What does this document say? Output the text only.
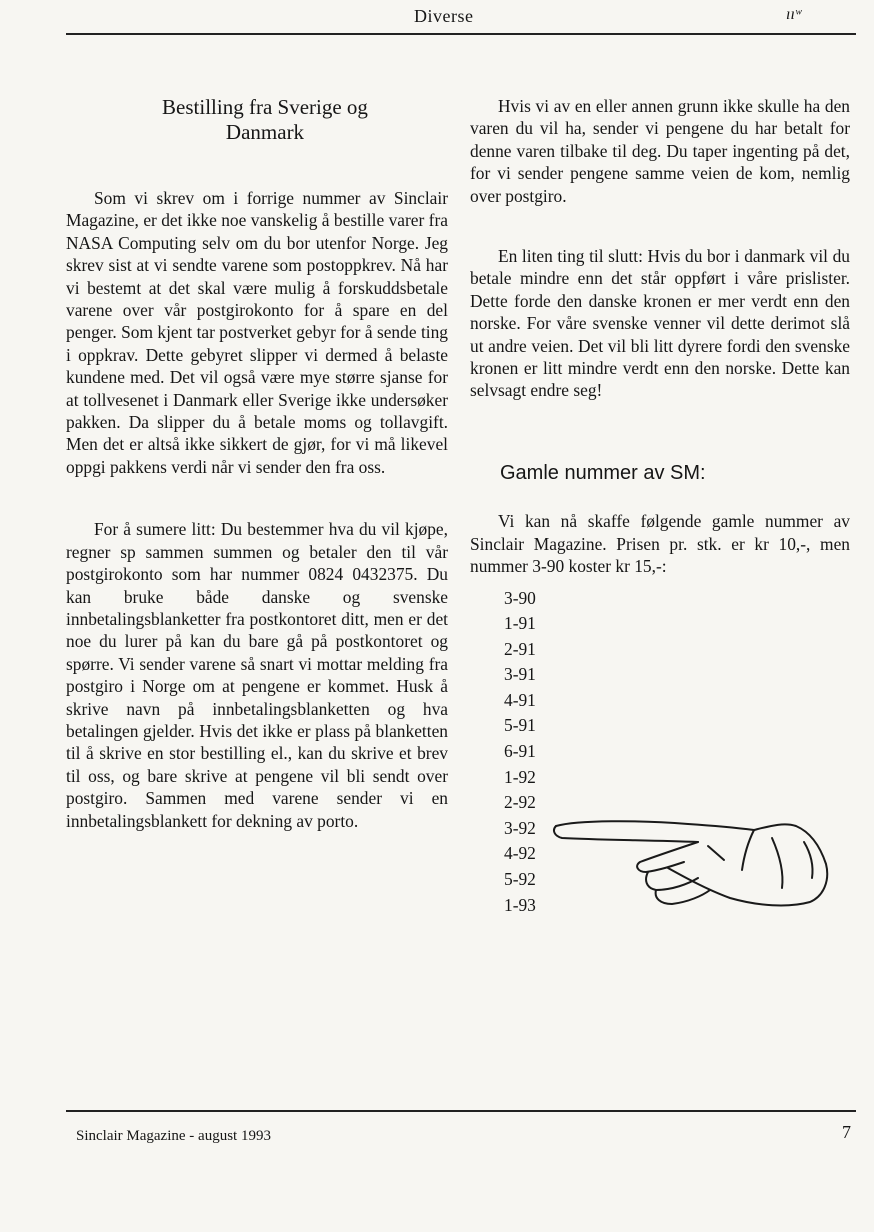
Diverse	ııʷ
Bestilling fra Sverige og
Danmark

Som vi skrev om i forrige nummer av Sinclair Magazine, er det ikke noe vanskelig å bestille varer fra NASA Computing selv om du bor utenfor Norge. Jeg skrev sist at vi sendte varene som postoppkrev. Nå har vi bestemt at det skal være mulig å forskuddsbetale varene over vår postgirokonto for å spare en del penger. Som kjent tar postverket gebyr for å sende ting i oppkrav. Dette gebyret slipper vi dermed å belaste kundene med. Det vil også være mye større sjanse for at tollvesenet i Danmark eller Sverige ikke undersøker pakken. Da slipper du å betale moms og tollavgift. Men det er altså ikke sikkert de gjør, for vi må likevel oppgi pakkens verdi når vi sender den fra oss.

For å sumere litt: Du bestemmer hva du vil kjøpe, regner sp sammen summen og betaler den til vår postgirokonto som har nummer 0824 0432375. Du kan bruke både danske og svenske innbetalingsblanketter fra postkontoret ditt, men er det noe du lurer på kan du bare gå på postkontoret og spørre. Vi sender varene så snart vi mottar melding fra postgiro i Norge om at pengene er kommet. Husk å skrive navn på innbetalingsblanketten og hva betalingen gjelder. Hvis det ikke er plass på blanketten til å skrive en stor bestilling el., kan du skrive et brev til oss, og bare skrive at pengene vil bli sendt over postgiro. Sammen med varene sender vi en innbetalingsblankett for dekning av porto.

Hvis vi av en eller annen grunn ikke skulle ha den varen du vil ha, sender vi pengene du har betalt for denne varen tilbake til deg. Du taper ingenting på det, for vi sender pengene samme veien de kom, nemlig over postgiro.

En liten ting til slutt: Hvis du bor i danmark vil du betale mindre enn det står oppført i våre prislister. Dette forde den danske kronen er mer verdt enn den norske. For våre svenske venner vil dette derimot slå ut andre veien. Det vil bli litt dyrere fordi den svenske kronen er litt mindre verdt enn den norske. Dette kan selvsagt endre seg!

Gamle nummer av SM:

Vi kan nå skaffe følgende gamle nummer av Sinclair Magazine. Prisen pr. stk. er kr 10,-, men nummer 3-90 koster kr 15,-:

3-90
1-91
2-91
3-91
4-91
5-91
6-91
1-92
2-92
3-92
4-92
5-92
1-93
Sinclair Magazine - august 1993	7
